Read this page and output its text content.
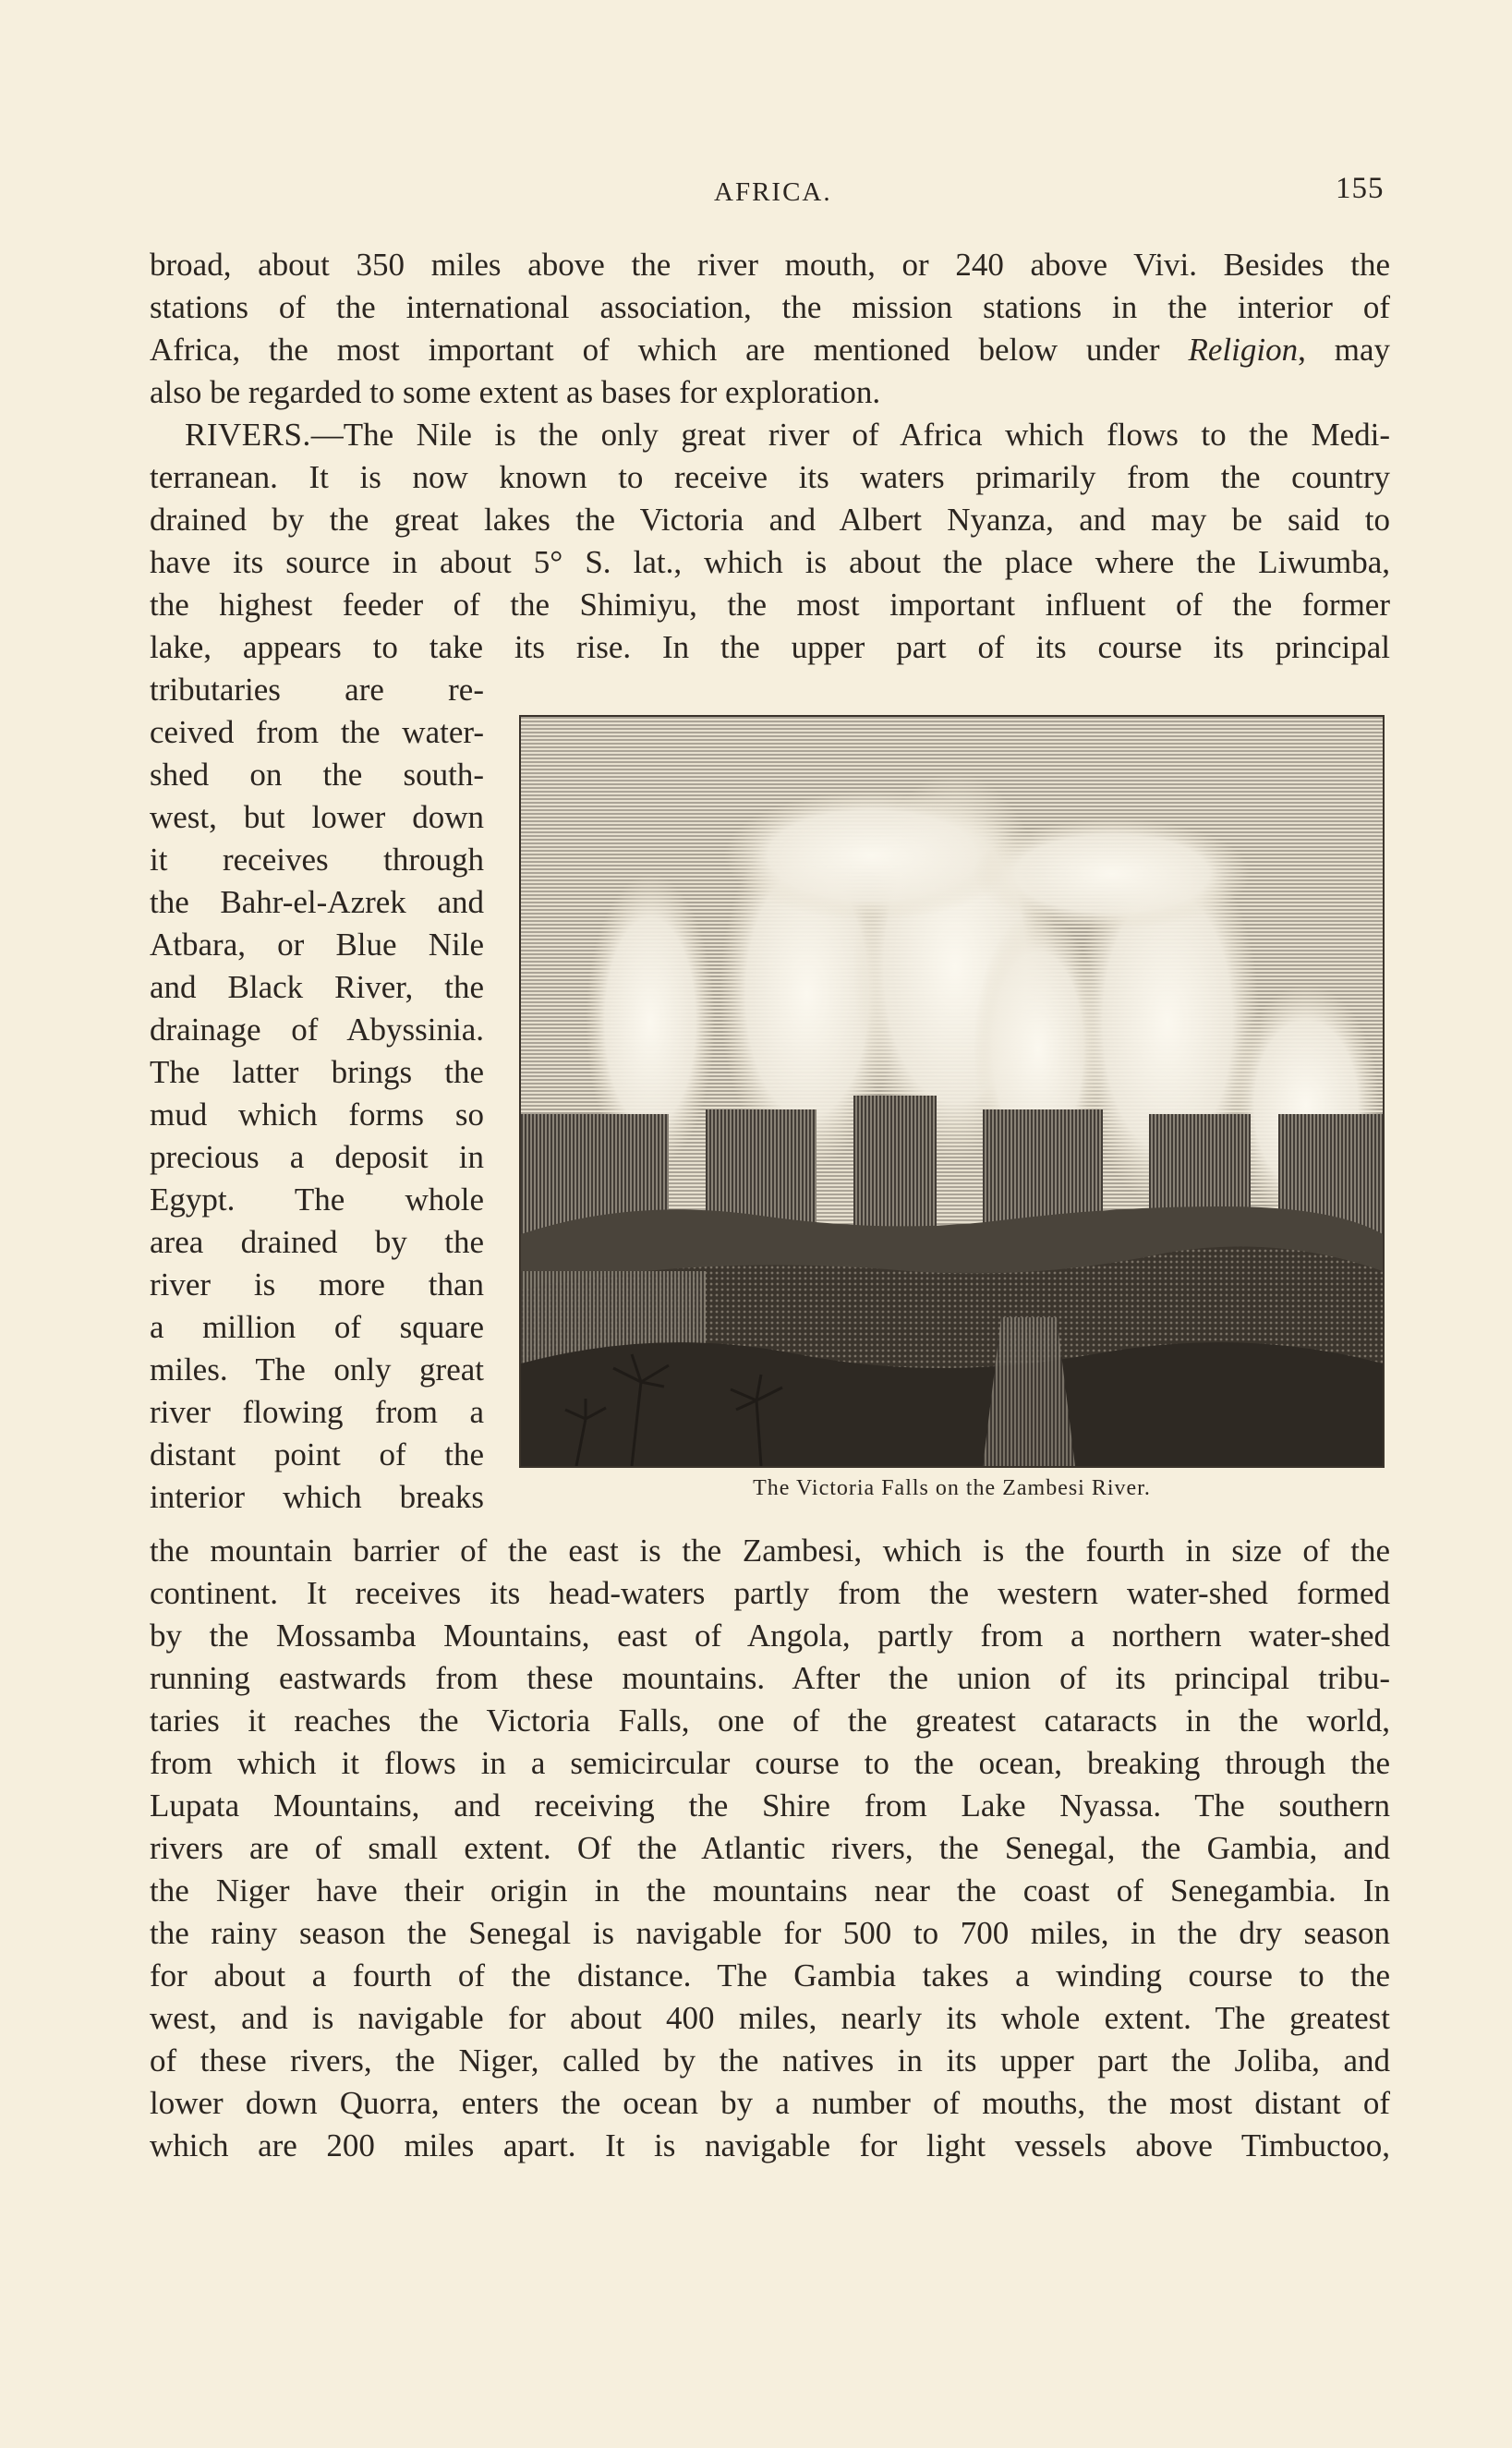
AFRICA.	155
broad, about 350 miles above the river mouth, or 240 above Vivi. Besides the
stations of the international association, the mission stations in the interior of
Africa, the most important of which are mentioned below under Religion, may
also be regarded to some extent as bases for exploration.
RIVERS.—The Nile is the only great river of Africa which flows to the Medi-
terranean. It is now known to receive its waters primarily from the country
drained by the great lakes the Victoria and Albert Nyanza, and may be said to
have its source in about 5° S. lat., which is about the place where the Liwumba,
the highest feeder of the Shimiyu, the most important influent of the former
lake, appears to take its rise. In the upper part of its course its principal
tributaries are re-
ceived from the water-
shed on the south-
west, but lower down
it receives through
the Bahr-el-Azrek and
Atbara, or Blue Nile
and Black River, the
drainage of Abyssinia.
The latter brings the
mud which forms so
precious a deposit in
Egypt. The whole
area drained by the
river is more than
a million of square
miles. The only great
river flowing from a
distant point of the
interior which breaks	The Victoria Falls on the Zambesi River.
the mountain barrier of the east is the Zambesi, which is the fourth in size of the
continent. It receives its head-waters partly from the western water-shed formed
by the Mossamba Mountains, east of Angola, partly from a northern water-shed
running eastwards from these mountains. After the union of its principal tribu-
taries it reaches the Victoria Falls, one of the greatest cataracts in the world,
from which it flows in a semicircular course to the ocean, breaking through the
Lupata Mountains, and receiving the Shire from Lake Nyassa. The southern
rivers are of small extent. Of the Atlantic rivers, the Senegal, the Gambia, and
the Niger have their origin in the mountains near the coast of Senegambia. In
the rainy season the Senegal is navigable for 500 to 700 miles, in the dry season
for about a fourth of the distance. The Gambia takes a winding course to the
west, and is navigable for about 400 miles, nearly its whole extent. The greatest
of these rivers, the Niger, called by the natives in its upper part the Joliba, and
lower down Quorra, enters the ocean by a number of mouths, the most distant of
which are 200 miles apart. It is navigable for light vessels above Timbuctoo,
